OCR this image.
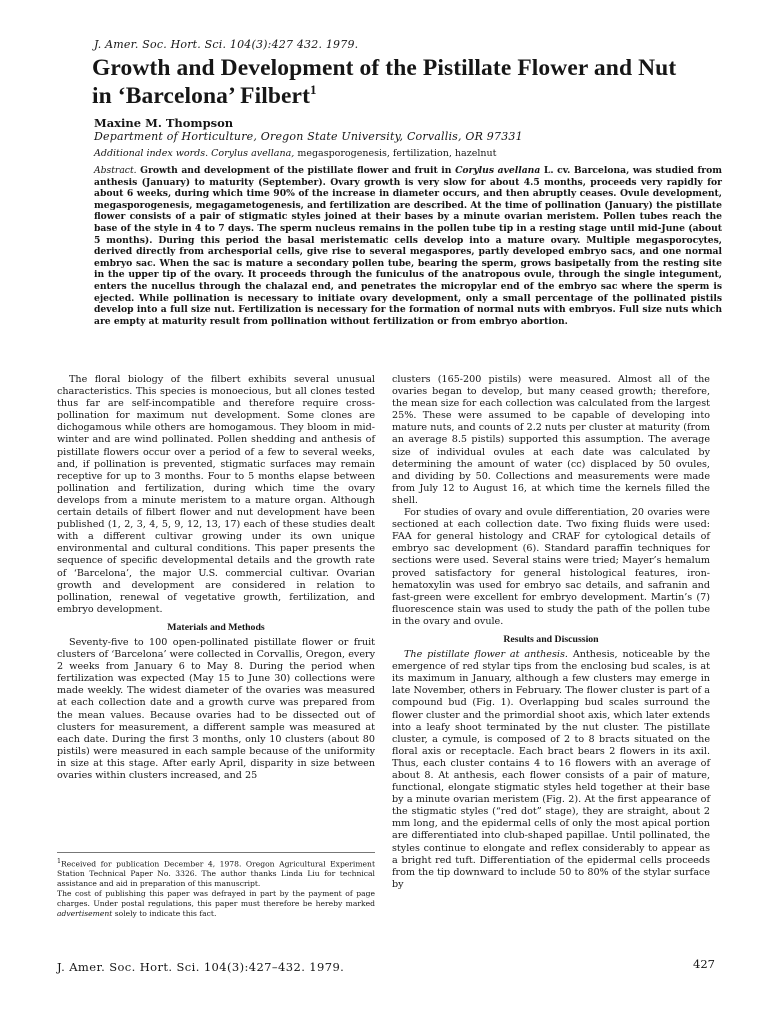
J. Amer. Soc. Hort. Sci. 104(3):427 432. 1979.
Growth and Development of the Pistillate Flower and Nut
in ‘Barcelona’ Filbert$^1$
Maxine M. Thompson
Department of Horticulture, Oregon State University, Corvallis, OR 97331
Additional index words. Corylus avellana, megasporogenesis, fertilization, hazelnut
Abstract. Growth and development of the pistillate flower and fruit in Corylus avellana L. cv. Barcelona, was studied from anthesis (January) to maturity (September). Ovary growth is very slow for about 4.5 months, proceeds very rapidly for about 6 weeks, during which time 90% of the increase in diameter occurs, and then abruptly ceases. Ovule development, megasporogenesis, megagametogenesis, and fertilization are described. At the time of pollination (January) the pistillate flower consists of a pair of stigmatic styles joined at their bases by a minute ovarian meristem. Pollen tubes reach the base of the style in 4 to 7 days. The sperm nucleus remains in the pollen tube tip in a resting stage until mid-June (about 5 months). During this period the basal meristematic cells develop into a mature ovary. Multiple megasporocytes, derived directly from archesporial cells, give rise to several megaspores, partly developed embryo sacs, and one normal embryo sac. When the sac is mature a secondary pollen tube, bearing the sperm, grows basipetally from the resting site in the upper tip of the ovary. It proceeds through the funiculus of the anatropous ovule, through the single integument, enters the nucellus through the chalazal end, and penetrates the micropylar end of the embryo sac where the sperm is ejected. While pollination is necessary to initiate ovary development, only a small percentage of the pollinated pistils develop into a full size nut. Fertilization is necessary for the formation of normal nuts with embryos. Full size nuts which are empty at maturity result from pollination without fertilization or from embryo abortion.

The floral biology of the filbert exhibits several unusual characteristics. This species is monoecious, but all clones tested thus far are self-incompatible and therefore require cross-pollination for maximum nut development. Some clones are dichogamous while others are homogamous. They bloom in mid-winter and are wind pollinated. Pollen shedding and anthesis of pistillate flowers occur over a period of a few to several weeks, and, if pollination is prevented, stigmatic surfaces may remain receptive for up to 3 months. Four to 5 months elapse between pollination and fertilization, during which time the ovary develops from a minute meristem to a mature organ. Although certain details of filbert flower and nut development have been published (1, 2, 3, 4, 5, 9, 12, 13, 17) each of these studies dealt with a different cultivar growing under its own unique environmental and cultural conditions. This paper presents the sequence of specific developmental details and the growth rate of ‘Barcelona’, the major U.S. commercial cultivar. Ovarian growth and development are considered in relation to pollination, renewal of vegetative growth, fertilization, and embryo development.

Materials and Methods

Seventy-five to 100 open-pollinated pistillate flower or fruit clusters of ‘Barcelona’ were collected in Corvallis, Oregon, every 2 weeks from January 6 to May 8. During the period when fertilization was expected (May 15 to June 30) collections were made weekly. The widest diameter of the ovaries was measured at each collection date and a growth curve was prepared from the mean values. Because ovaries had to be dissected out of clusters for measurement, a different sample was measured at each date. During the first 3 months, only 10 clusters (about 80 pistils) were measured in each sample because of the uniformity in size at this stage. After early April, disparity in size between ovaries within clusters increased, and 25

$^1$Received for publication December 4, 1978. Oregon Agricultural Experiment Station Technical Paper No. 3326. The author thanks Linda Liu for technical assistance and aid in preparation of this manuscript.

The cost of publishing this paper was defrayed in part by the payment of page charges. Under postal regulations, this paper must therefore be hereby marked advertisement solely to indicate this fact.

clusters (165-200 pistils) were measured. Almost all of the ovaries began to develop, but many ceased growth; therefore, the mean size for each collection was calculated from the largest 25%. These were assumed to be capable of developing into mature nuts, and counts of 2.2 nuts per cluster at maturity (from an average 8.5 pistils) supported this assumption. The average size of individual ovules at each date was calculated by determining the amount of water (cc) displaced by 50 ovules, and dividing by 50. Collections and measurements were made from July 12 to August 16, at which time the kernels filled the shell.

For studies of ovary and ovule differentiation, 20 ovaries were sectioned at each collection date. Two fixing fluids were used: FAA for general histology and CRAF for cytological details of embryo sac development (6). Standard paraffin techniques for sections were used. Several stains were tried; Mayer’s hemalum proved satisfactory for general histological features, iron-hematoxylin was used for embryo sac details, and safranin and fast-green were excellent for embryo development. Martin’s (7) fluorescence stain was used to study the path of the pollen tube in the ovary and ovule.

Results and Discussion

The pistillate flower at anthesis. Anthesis, noticeable by the emergence of red stylar tips from the enclosing bud scales, is at its maximum in January, although a few clusters may emerge in late November, others in February. The flower cluster is part of a compound bud (Fig. 1). Overlapping bud scales surround the flower cluster and the primordial shoot axis, which later extends into a leafy shoot terminated by the nut cluster. The pistillate cluster, a cymule, is composed of 2 to 8 bracts situated on the floral axis or receptacle. Each bract bears 2 flowers in its axil. Thus, each cluster contains 4 to 16 flowers with an average of about 8. At anthesis, each flower consists of a pair of mature, functional, elongate stigmatic styles held together at their base by a minute ovarian meristem (Fig. 2). At the first appearance of the stigmatic styles (“red dot” stage), they are straight, about 2 mm long, and the epidermal cells of only the most apical portion are differentiated into club-shaped papillae. Until pollinated, the styles continue to elongate and reflex considerably to appear as a bright red tuft. Differentiation of the epidermal cells proceeds from the tip downward to include 50 to 80% of the stylar surface by

J. Amer. Soc. Hort. Sci. 104(3):427–432. 1979.	427
